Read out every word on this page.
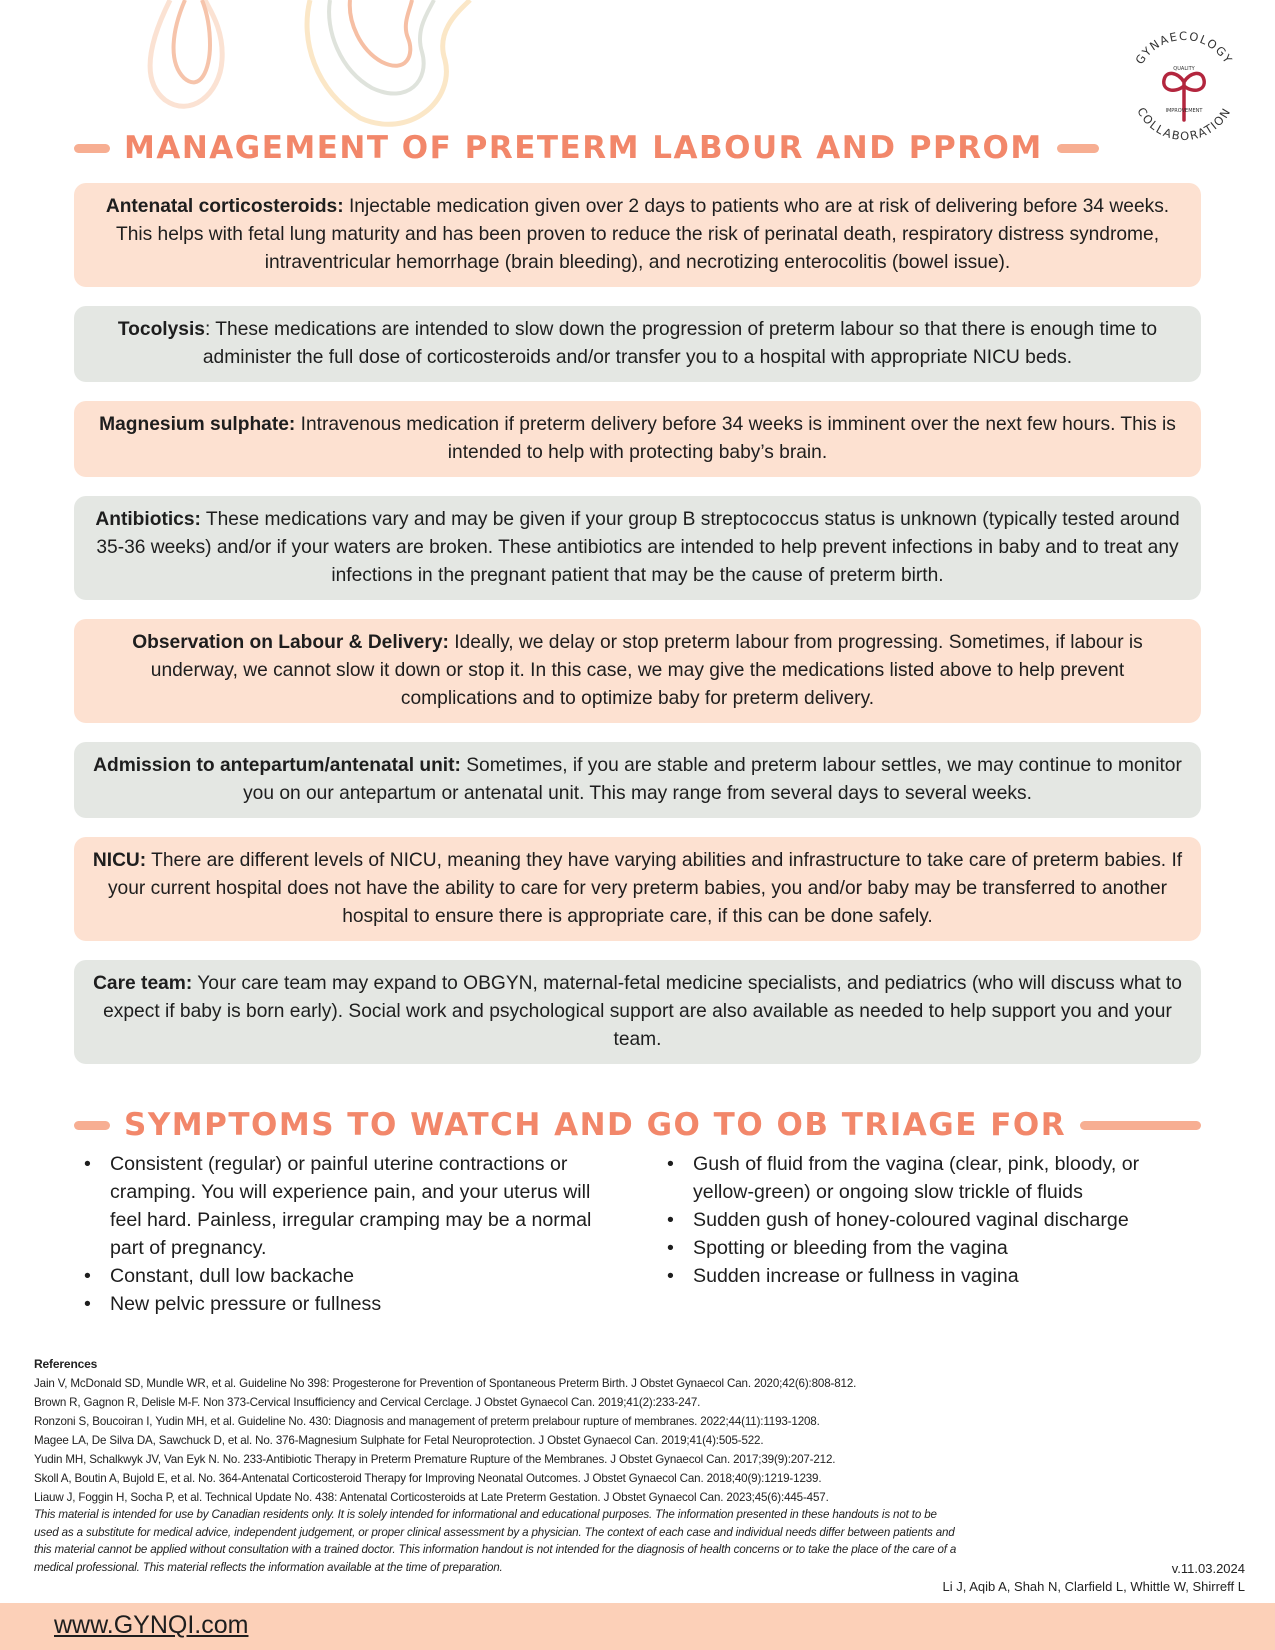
GYNAECOLOGY
COLLABORATION
QUALITY
IMPROVEMENT
MANAGEMENT OF PRETERM LABOUR AND PPROM
Antenatal corticosteroids: Injectable medication given over 2 days to patients who are at risk of delivering before 34 weeks. This helps with fetal lung maturity and has been proven to reduce the risk of perinatal death, respiratory distress syndrome, intraventricular hemorrhage (brain bleeding), and necrotizing enterocolitis (bowel issue).
Tocolysis: These medications are intended to slow down the progression of preterm labour so that there is enough time to administer the full dose of corticosteroids and/or transfer you to a hospital with appropriate NICU beds.
Magnesium sulphate: Intravenous medication if preterm delivery before 34 weeks is imminent over the next few hours. This is intended to help with protecting baby’s brain.
Antibiotics: These medications vary and may be given if your group B streptococcus status is unknown (typically tested around 35-36 weeks) and/or if your waters are broken. These antibiotics are intended to help prevent infections in baby and to treat any infections in the pregnant patient that may be the cause of preterm birth.
Observation on Labour & Delivery: Ideally, we delay or stop preterm labour from progressing. Sometimes, if labour is underway, we cannot slow it down or stop it. In this case, we may give the medications listed above to help prevent complications and to optimize baby for preterm delivery.
Admission to antepartum/antenatal unit: Sometimes, if you are stable and preterm labour settles, we may continue to monitor you on our antepartum or antenatal unit. This may range from several days to several weeks.
NICU: There are different levels of NICU, meaning they have varying abilities and infrastructure to take care of preterm babies. If your current hospital does not have the ability to care for very preterm babies, you and/or baby may be transferred to another hospital to ensure there is appropriate care, if this can be done safely.
Care team: Your care team may expand to OBGYN, maternal-fetal medicine specialists, and pediatrics (who will discuss what to expect if baby is born early). Social work and psychological support are also available as needed to help support you and your team.
SYMPTOMS TO WATCH AND GO TO OB TRIAGE FOR
• Consistent (regular) or painful uterine contractions or cramping. You will experience pain, and your uterus will feel hard. Painless, irregular cramping may be a normal part of pregnancy.
• Constant, dull low backache
• New pelvic pressure or fullness
• Gush of fluid from the vagina (clear, pink, bloody, or yellow-green) or ongoing slow trickle of fluids
• Sudden gush of honey-coloured vaginal discharge
• Spotting or bleeding from the vagina
• Sudden increase or fullness in vagina
References
Jain V, McDonald SD, Mundle WR, et al. Guideline No 398: Progesterone for Prevention of Spontaneous Preterm Birth. J Obstet Gynaecol Can. 2020;42(6):808-812.
Brown R, Gagnon R, Delisle M-F. Non 373-Cervical Insufficiency and Cervical Cerclage. J Obstet Gynaecol Can. 2019;41(2):233-247.
Ronzoni S, Boucoiran I, Yudin MH, et al. Guideline No. 430: Diagnosis and management of preterm prelabour rupture of membranes. 2022;44(11):1193-1208.
Magee LA, De Silva DA, Sawchuck D, et al. No. 376-Magnesium Sulphate for Fetal Neuroprotection. J Obstet Gynaecol Can. 2019;41(4):505-522.
Yudin MH, Schalkwyk JV, Van Eyk N. No. 233-Antibiotic Therapy in Preterm Premature Rupture of the Membranes. J Obstet Gynaecol Can. 2017;39(9):207-212.
Skoll A, Boutin A, Bujold E, et al. No. 364-Antenatal Corticosteroid Therapy for Improving Neonatal Outcomes. J Obstet Gynaecol Can. 2018;40(9):1219-1239.
Liauw J, Foggin H, Socha P, et al. Technical Update No. 438: Antenatal Corticosteroids at Late Preterm Gestation. J Obstet Gynaecol Can. 2023;45(6):445-457.
This material is intended for use by Canadian residents only. It is solely intended for informational and educational purposes. The information presented in these handouts is not to be used as a substitute for medical advice, independent judgement, or proper clinical assessment by a physician. The context of each case and individual needs differ between patients and this material cannot be applied without consultation with a trained doctor. This information handout is not intended for the diagnosis of health concerns or to take the place of the care of a medical professional. This material reflects the information available at the time of preparation.	v.11.03.2024
Li J, Aqib A, Shah N, Clarfield L, Whittle W, Shirreff L
www.GYNQI.com
